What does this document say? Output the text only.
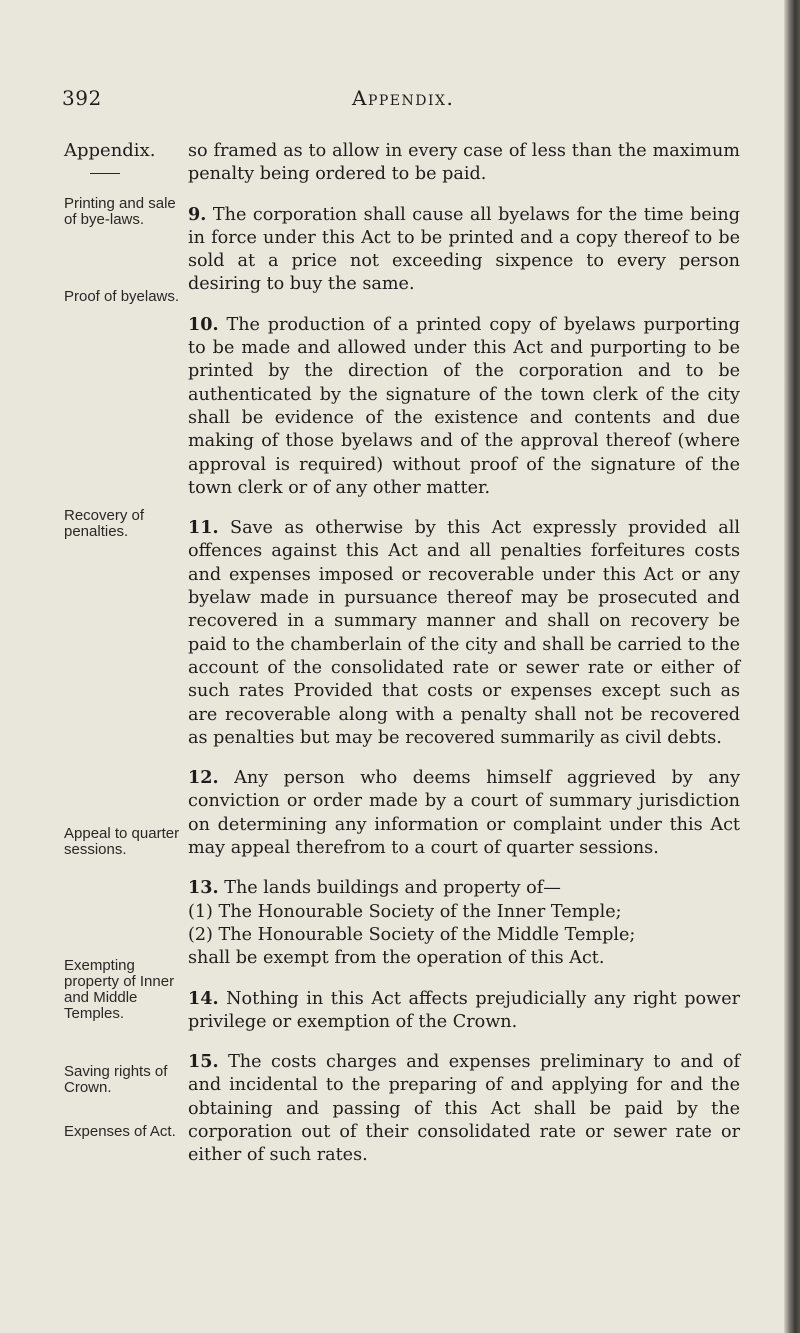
392	Appendix.
Appendix.
Printing and sale of bye-laws.
Proof of byelaws.
Recovery of penalties.
Appeal to quarter sessions.
Exempting property of Inner and Middle Temples.
Saving rights of Crown.
Expenses of Act.

so framed as to allow in every case of less than the maximum penalty being ordered to be paid.

9. The corporation shall cause all byelaws for the time being in force under this Act to be printed and a copy thereof to be sold at a price not exceeding sixpence to every person desiring to buy the same.

10. The production of a printed copy of byelaws purporting to be made and allowed under this Act and purporting to be printed by the direction of the corporation and to be authenticated by the signature of the town clerk of the city shall be evidence of the existence and contents and due making of those byelaws and of the approval thereof (where approval is required) without proof of the signature of the town clerk or of any other matter.

11. Save as otherwise by this Act expressly provided all offences against this Act and all penalties forfeitures costs and expenses imposed or recoverable under this Act or any byelaw made in pursuance thereof may be prosecuted and recovered in a summary manner and shall on recovery be paid to the chamberlain of the city and shall be carried to the account of the consolidated rate or sewer rate or either of such rates Provided that costs or expenses except such as are recoverable along with a penalty shall not be recovered as penalties but may be recovered summarily as civil debts.

12. Any person who deems himself aggrieved by any conviction or order made by a court of summary jurisdiction on determining any information or complaint under this Act may appeal therefrom to a court of quarter sessions.

13. The lands buildings and property of—

(1) The Honourable Society of the Inner Temple;

(2) The Honourable Society of the Middle Temple;

shall be exempt from the operation of this Act.

14. Nothing in this Act affects prejudicially any right power privilege or exemption of the Crown.

15. The costs charges and expenses preliminary to and of and incidental to the preparing of and applying for and the obtaining and passing of this Act shall be paid by the corporation out of their consolidated rate or sewer rate or either of such rates.
